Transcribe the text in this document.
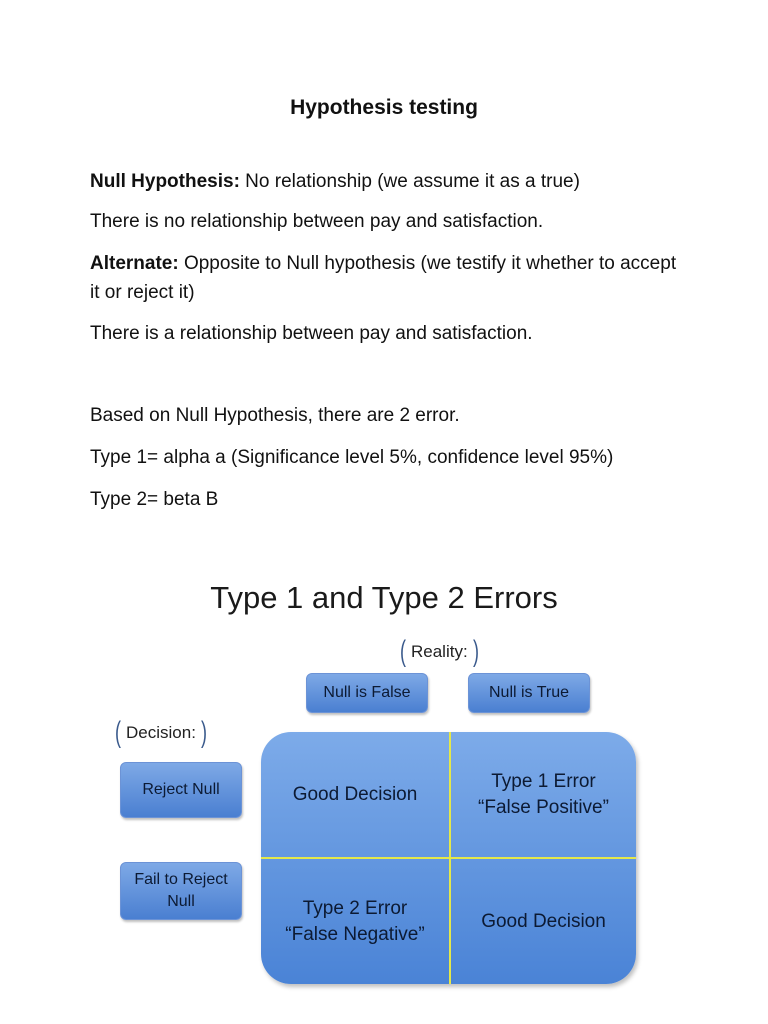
Hypothesis testing
Null Hypothesis: No relationship (we assume it as a true)
There is no relationship between pay and satisfaction.
Alternate: Opposite to Null hypothesis (we testify it whether to accept it or reject it)
There is a relationship between pay and satisfaction.
Based on Null Hypothesis, there are 2 error.
Type 1= alpha a (Significance level 5%, confidence level 95%)
Type 2= beta B
Type 1 and Type 2 Errors
( Reality: )
Null is False	Null is True
( Decision: )
Reject Null
Fail to Reject
Null
Good Decision
Type 1 Error
“False Positive”
Type 2 Error
“False Negative”
Good Decision
